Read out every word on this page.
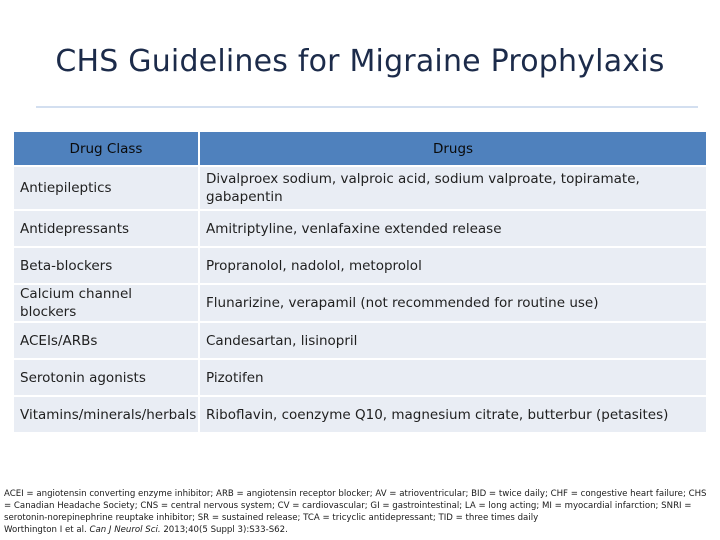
CHS Guidelines for Migraine Prophylaxis
Drug Class	Drugs
Antiepileptics	Divalproex sodium, valproic acid, sodium valproate, topiramate, gabapentin
Antidepressants	Amitriptyline, venlafaxine extended release
Beta-blockers	Propranolol, nadolol, metoprolol
Calcium channel blockers	Flunarizine, verapamil (not recommended for routine use)
ACEIs/ARBs	Candesartan, lisinopril
Serotonin agonists	Pizotifen
Vitamins/minerals/herbals	Riboflavin, coenzyme Q10, magnesium citrate, butterbur (petasites)
ACEI = angiotensin converting enzyme inhibitor; ARB = angiotensin receptor blocker; AV = atrioventricular; BID = twice daily; CHF = congestive heart failure; CHS = Canadian Headache Society; CNS = central nervous system; CV = cardiovascular; GI = gastrointestinal; LA = long acting; MI = myocardial infarction; SNRI = serotonin-norepinephrine reuptake inhibitor; SR = sustained release; TCA = tricyclic antidepressant; TID = three times daily
Worthington I et al. Can J Neurol Sci. 2013;40(5 Suppl 3):S33-S62.
